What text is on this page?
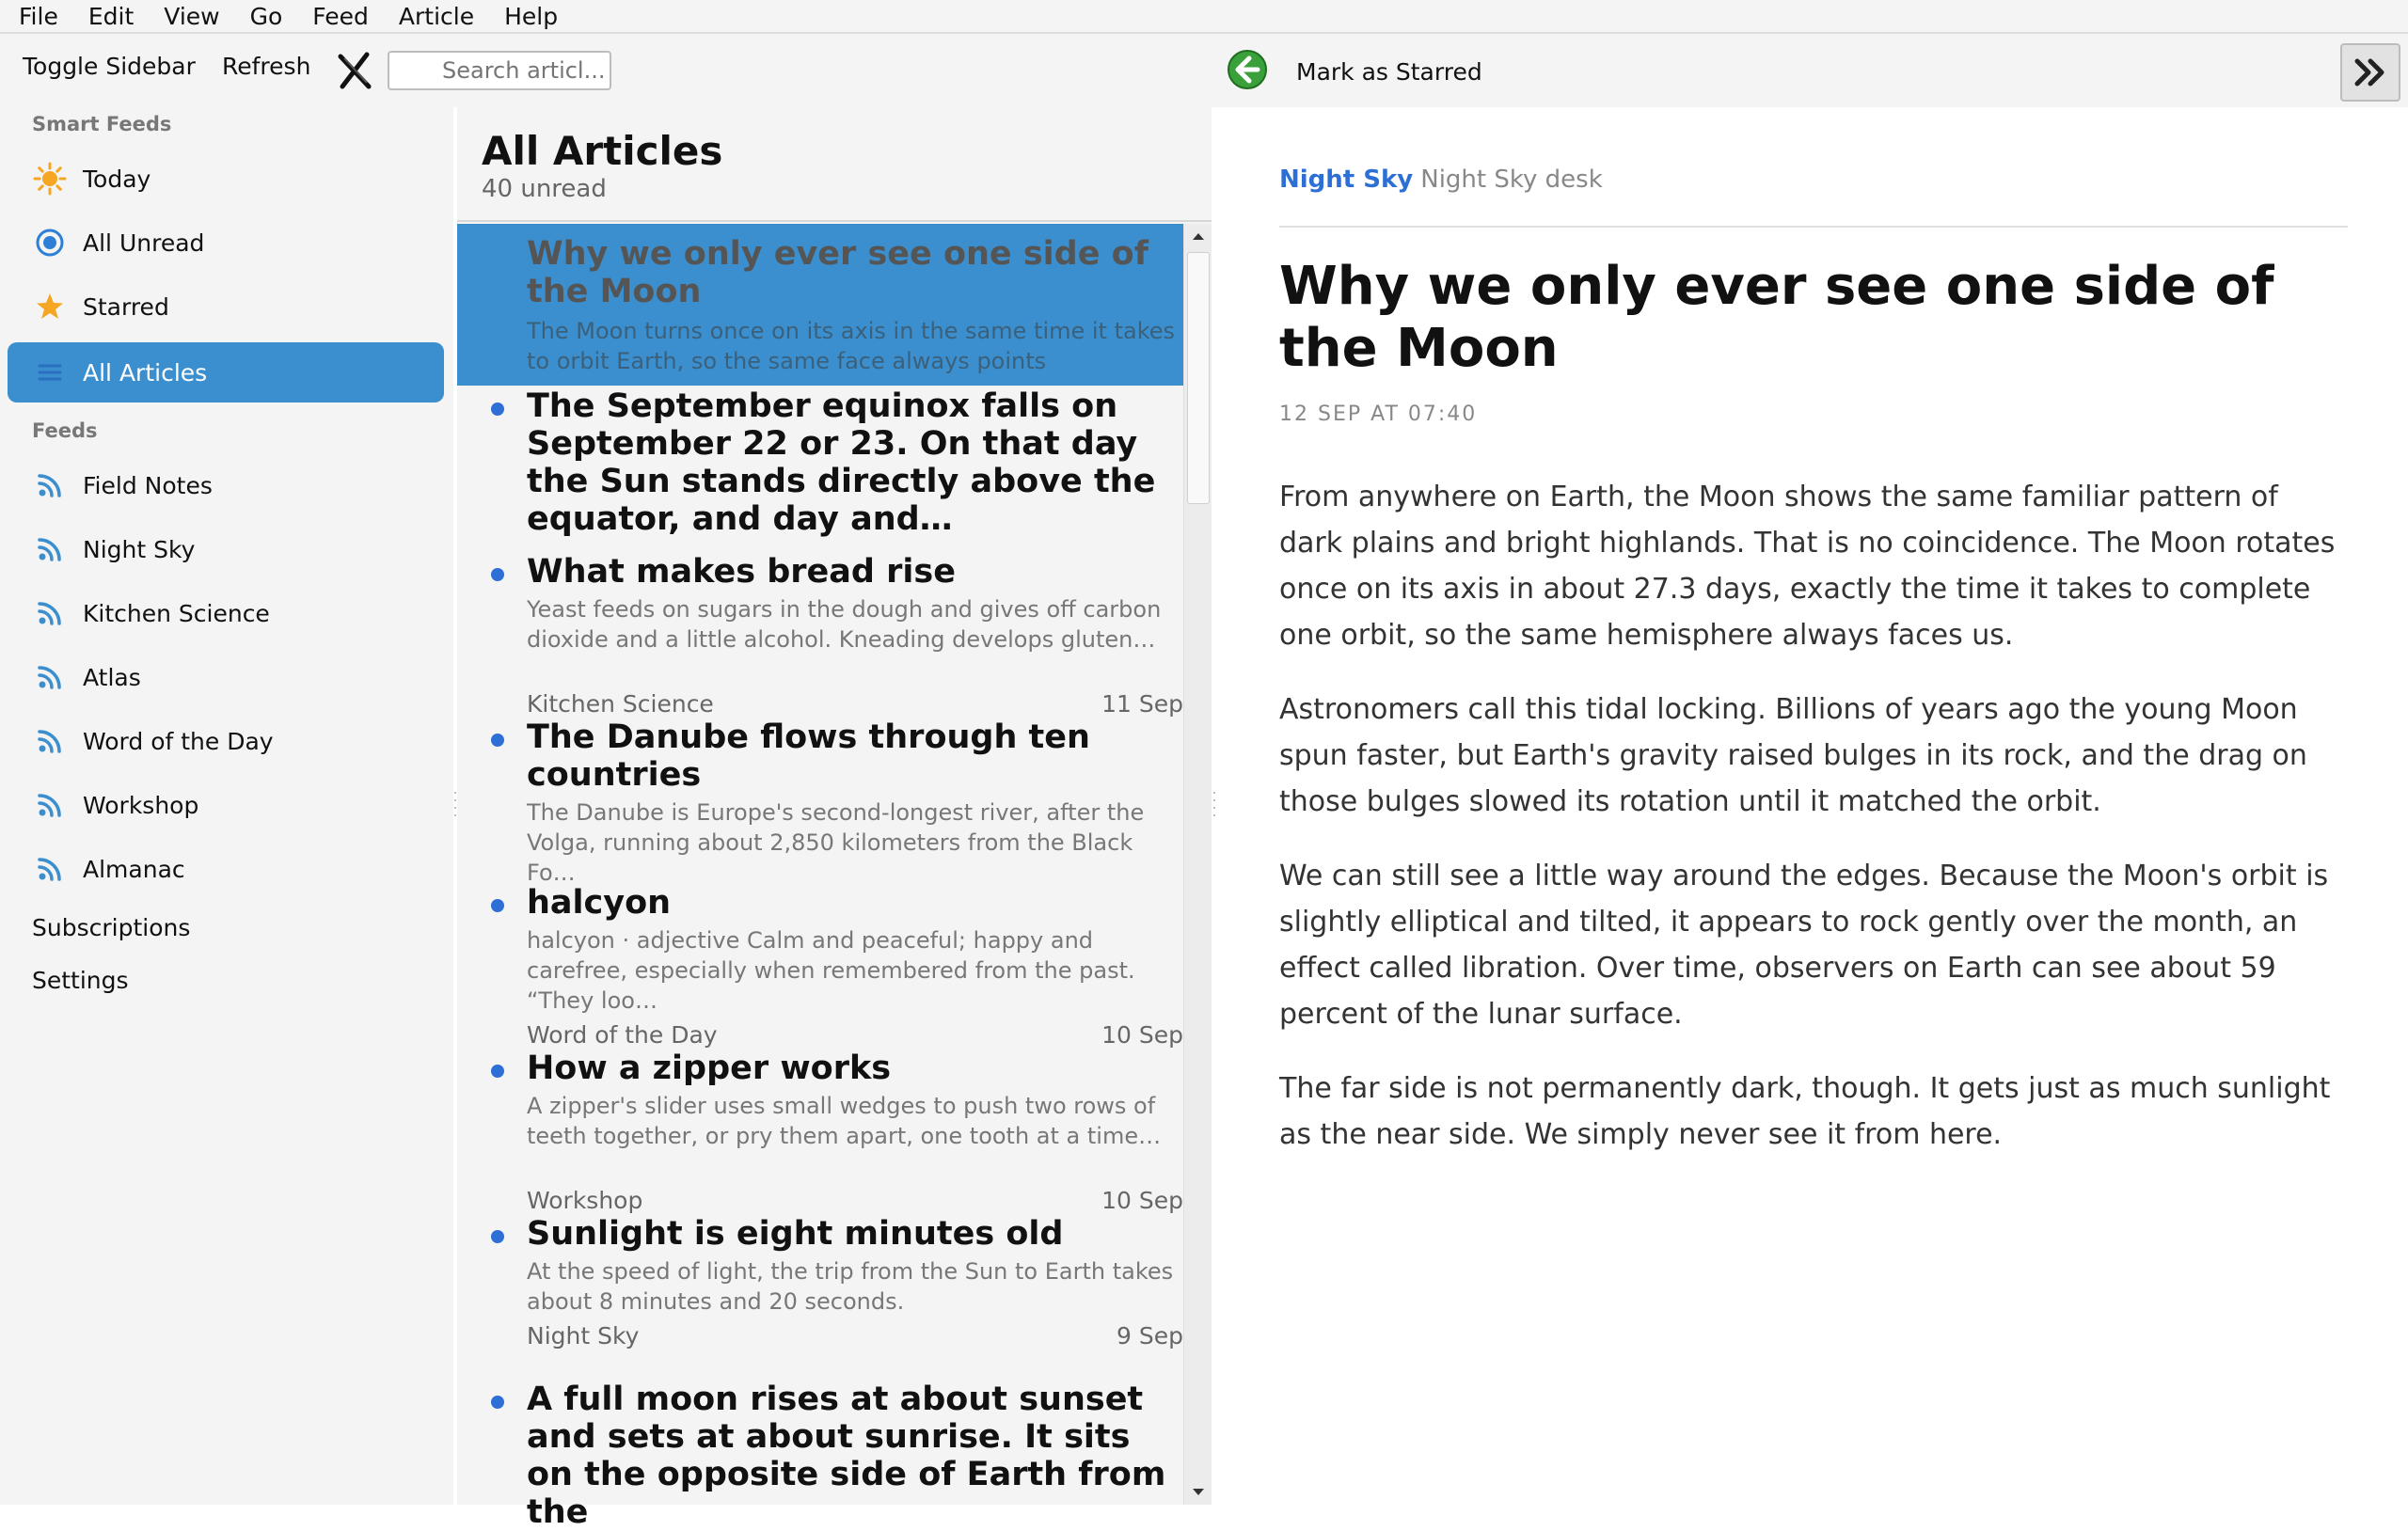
File Edit View Go Feed Article Help
Toggle Sidebar Refresh
Search articl...	Mark as Starred
Smart Feeds
Today
All Unread
Starred
All Articles
Feeds
Field Notes
Night Sky
Kitchen Science
Atlas
Word of the Day
Workshop
Almanac
Subscriptions
Settings
All Articles
40 unread
Why we only ever see one side of the Moon
The Moon turns once on its axis in the same time it takes to orbit Earth, so the same face always points
The September equinox falls on September 22 or 23. On that day the Sun stands directly above the equator, and day and…
What makes bread rise
Yeast feeds on sugars in the dough and gives off carbon dioxide and a little alcohol. Kneading develops gluten…
Kitchen Science	11 Sep
The Danube flows through ten countries
The Danube is Europe's second-longest river, after the Volga, running about 2,850 kilometers from the Black Fo…
halcyon
halcyon · adjective Calm and peaceful; happy and carefree, especially when remembered from the past. “They loo…
Word of the Day	10 Sep
How a zipper works
A zipper's slider uses small wedges to push two rows of teeth together, or pry them apart, one tooth at a time…
Workshop	10 Sep
Sunlight is eight minutes old
At the speed of light, the trip from the Sun to Earth takes about 8 minutes and 20 seconds.
Night Sky	9 Sep
A full moon rises at about sunset and sets at about sunrise. It sits on the opposite side of Earth from the
Night Sky Night Sky desk
Why we only ever see one side of the Moon
12 SEP AT 07:40

From anywhere on Earth, the Moon shows the same familiar pattern of dark plains and bright highlands. That is no coincidence. The Moon rotates once on its axis in about 27.3 days, exactly the time it takes to complete one orbit, so the same hemisphere always faces us.

Astronomers call this tidal locking. Billions of years ago the young Moon spun faster, but Earth's gravity raised bulges in its rock, and the drag on those bulges slowed its rotation until it matched the orbit.

We can still see a little way around the edges. Because the Moon's orbit is slightly elliptical and tilted, it appears to rock gently over the month, an effect called libration. Over time, observers on Earth can see about 59 percent of the lunar surface.

The far side is not permanently dark, though. It gets just as much sunlight as the near side. We simply never see it from here.
